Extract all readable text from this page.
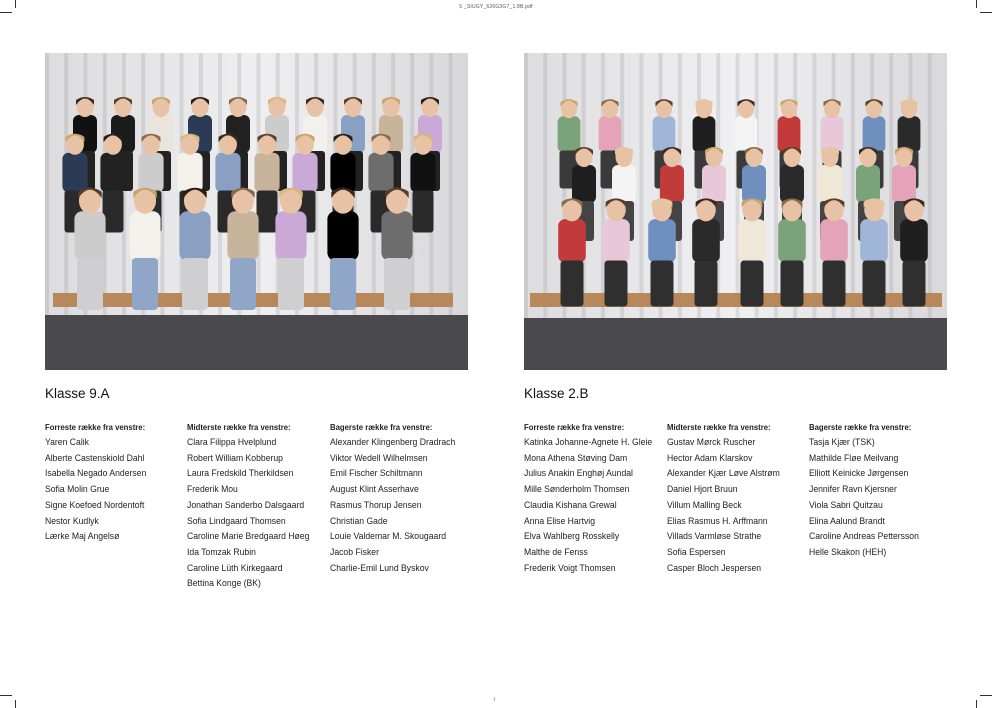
5 _SIUGY_626G3G7_1.8B.pdf
Klasse 9.A
Forreste række fra venstre:
Yaren Calik
Alberte Castenskiold Dahl
Isabella Negado Andersen
Sofia Molin Grue
Signe Koefoed Nordentoft
Nestor Kudlyk
Lærke Maj Angelsø
Midterste række fra venstre:
Clara Filippa Hvelplund
Robert William Kobberup
Laura Fredskild Therkildsen
Frederik Mou
Jonathan Sanderbo Dalsgaard
Sofia Lindgaard Thomsen
Caroline Marie Bredgaard Høeg
Ida Tomzak Rubin
Caroline Lüth Kirkegaard
Bettina Konge (BK)
Bagerste række fra venstre:
Alexander Klingenberg Dradrach
Viktor Wedell Wilhelmsen
Emil Fischer Schiltmann
August Klint Asserhave
Rasmus Thorup Jensen
Christian Gade
Louie Valdemar M. Skougaard
Jacob Fisker
Charlie-Emil Lund Byskov
Klasse 2.B
Forreste række fra venstre:
Katinka Johanne-Agnete H. Gleie
Mona Athena Støving Dam
Julius Anakin Enghøj Aundal
Mille Sønderholm Thomsen
Claudia Kishana Grewal
Anna Elise Hartvig
Elva Wahlberg Rosskelly
Malthe de Fenss
Frederik Voigt Thomsen
Midterste række fra venstre:
Gustav Mørck Ruscher
Hector Adam Klarskov
Alexander Kjær Løve Alstrøm
Daniel Hjort Bruun
Villum Malling Beck
Elias Rasmus H. Arffmann
Villads Varmløse Strathe
Sofia Espersen
Casper Bloch Jespersen
Bagerste række fra venstre:
Tasja Kjær (TSK)
Mathilde Fløe Meilvang
Elliott Keinicke Jørgensen
Jennifer Ravn Kjersner
Viola Sabri Quitzau
Elina Aalund Brandt
Caroline Andreas Pettersson
Helle Skakon (HEH)
I
